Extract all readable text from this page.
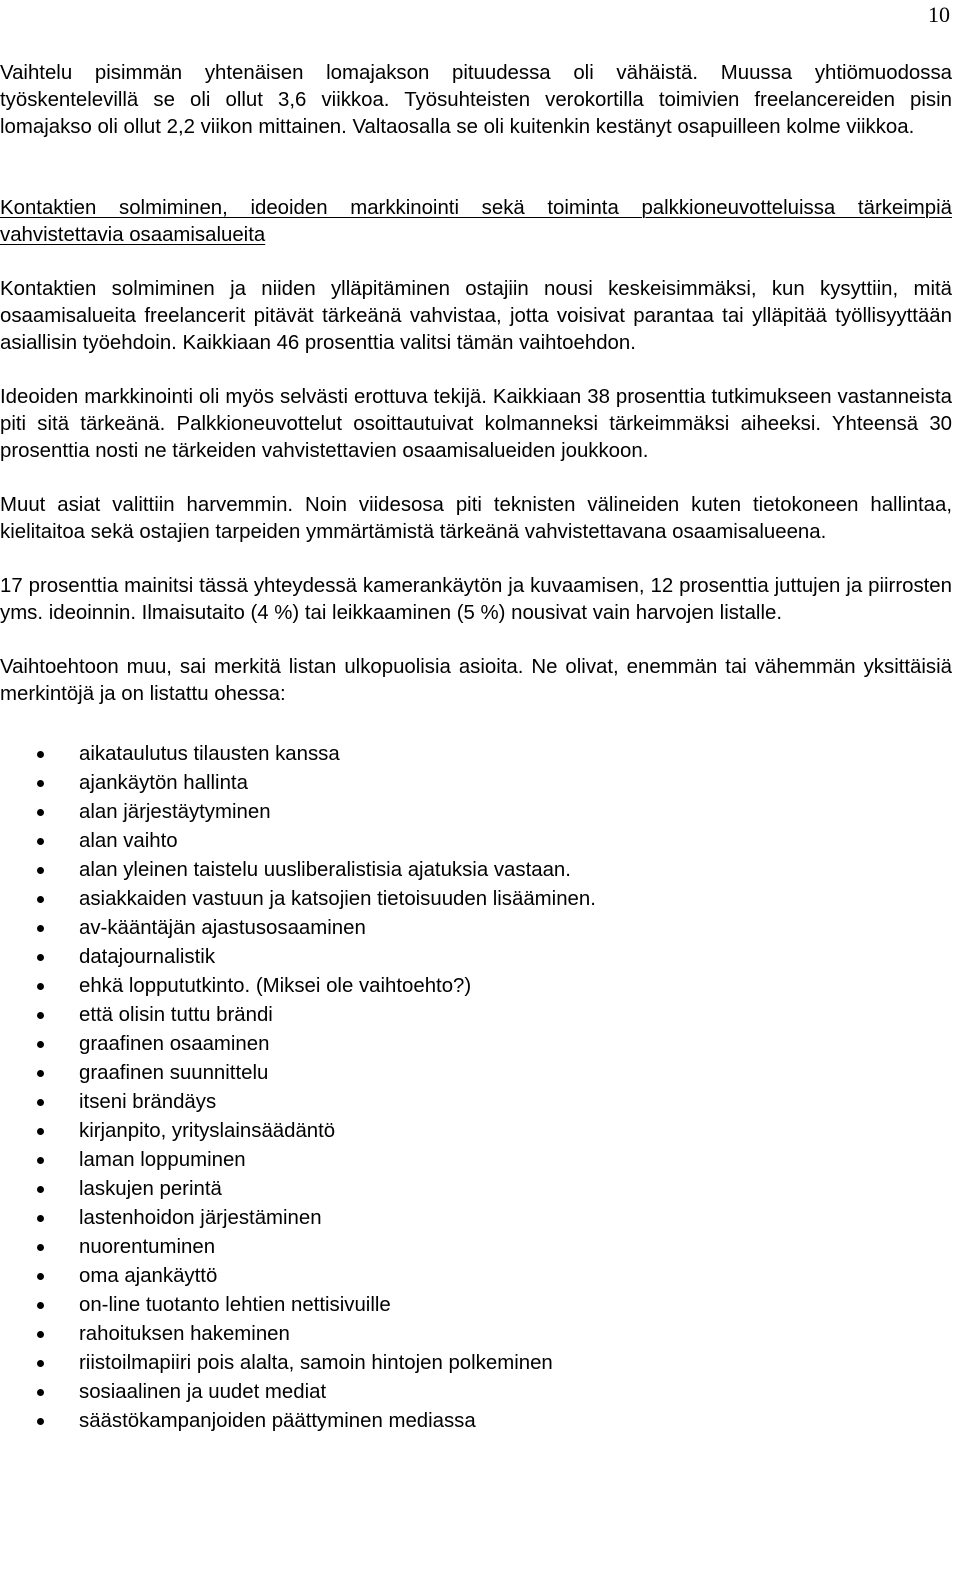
10

Vaihtelu pisimmän yhtenäisen lomajakson pituudessa oli vähäistä. Muussa yhtiömuodossa työskentelevillä se oli ollut 3,6 viikkoa. Työsuhteisten verokortilla toimivien freelancereiden pisin lomajakso oli ollut 2,2 viikon mittainen. Valtaosalla se oli kuitenkin kestänyt osapuilleen kolme viikkoa.

Kontaktien solmiminen, ideoiden markkinointi sekä toiminta palkkioneuvotteluissa tärkeimpiä vahvistettavia osaamisalueita

Kontaktien solmiminen ja niiden ylläpitäminen ostajiin nousi keskeisimmäksi, kun kysyttiin, mitä osaamisalueita freelancerit pitävät tärkeänä vahvistaa, jotta voisivat parantaa tai ylläpitää työllisyyttään asiallisin työehdoin. Kaikkiaan 46 prosenttia valitsi tämän vaihtoehdon.

Ideoiden markkinointi oli myös selvästi erottuva tekijä. Kaikkiaan 38 prosenttia tutkimukseen vastanneista piti sitä tärkeänä. Palkkioneuvottelut osoittautuivat kolmanneksi tärkeimmäksi aiheeksi. Yhteensä 30 prosenttia nosti ne tärkeiden vahvistettavien osaamisalueiden joukkoon.

Muut asiat valittiin harvemmin. Noin viidesosa piti teknisten välineiden kuten tietokoneen hallintaa, kielitaitoa sekä ostajien tarpeiden ymmärtämistä tärkeänä vahvistettavana osaamisalueena.

17 prosenttia mainitsi tässä yhteydessä kamerankäytön ja kuvaamisen, 12 prosenttia juttujen ja piirrosten yms. ideoinnin. Ilmaisutaito (4 %) tai leikkaaminen (5 %) nousivat vain harvojen listalle.

Vaihtoehtoon muu, sai merkitä listan ulkopuolisia asioita. Ne olivat, enemmän tai vähemmän yksittäisiä merkintöjä ja on listattu ohessa:

aikataulutus tilausten kanssa
ajankäytön hallinta
alan järjestäytyminen
alan vaihto
alan yleinen taistelu uusliberalistisia ajatuksia vastaan.
asiakkaiden vastuun ja katsojien tietoisuuden lisääminen.
av-kääntäjän ajastusosaaminen
datajournalistik
ehkä loppututkinto. (Miksei ole vaihtoehto?)
että olisin tuttu brändi
graafinen osaaminen
graafinen suunnittelu
itseni brändäys
kirjanpito, yrityslainsäädäntö
laman loppuminen
laskujen perintä
lastenhoidon järjestäminen
nuorentuminen
oma ajankäyttö
on-line tuotanto lehtien nettisivuille
rahoituksen hakeminen
riistoilmapiiri pois alalta, samoin hintojen polkeminen
sosiaalinen ja uudet mediat
säästökampanjoiden päättyminen mediassa
